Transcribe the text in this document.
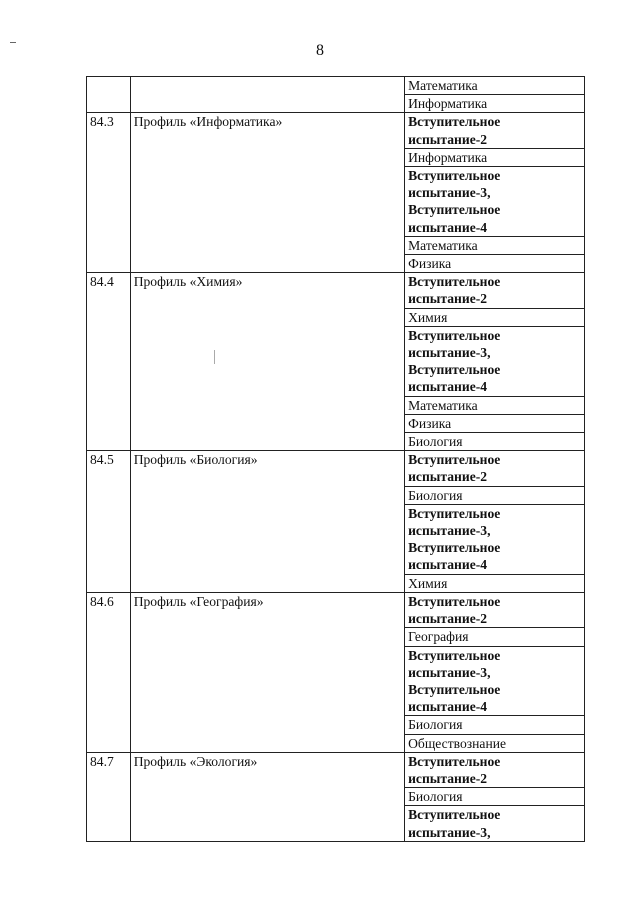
8
		Математика
		Информатика
84.3	Профиль «Информатика»	Вступительное испытание-2
		Информатика
		Вступительное испытание-3, Вступительное испытание-4
		Математика
		Физика
84.4	Профиль «Химия»	Вступительное испытание-2
		Химия
		Вступительное испытание-3, Вступительное испытание-4
		Математика
		Физика
		Биология
84.5	Профиль «Биология»	Вступительное испытание-2
		Биология
		Вступительное испытание-3, Вступительное испытание-4
		Химия
84.6	Профиль «География»	Вступительное испытание-2
		География
		Вступительное испытание-3, Вступительное испытание-4
		Биология
		Обществознание
84.7	Профиль «Экология»	Вступительное испытание-2
		Биология
		Вступительное испытание-3,
